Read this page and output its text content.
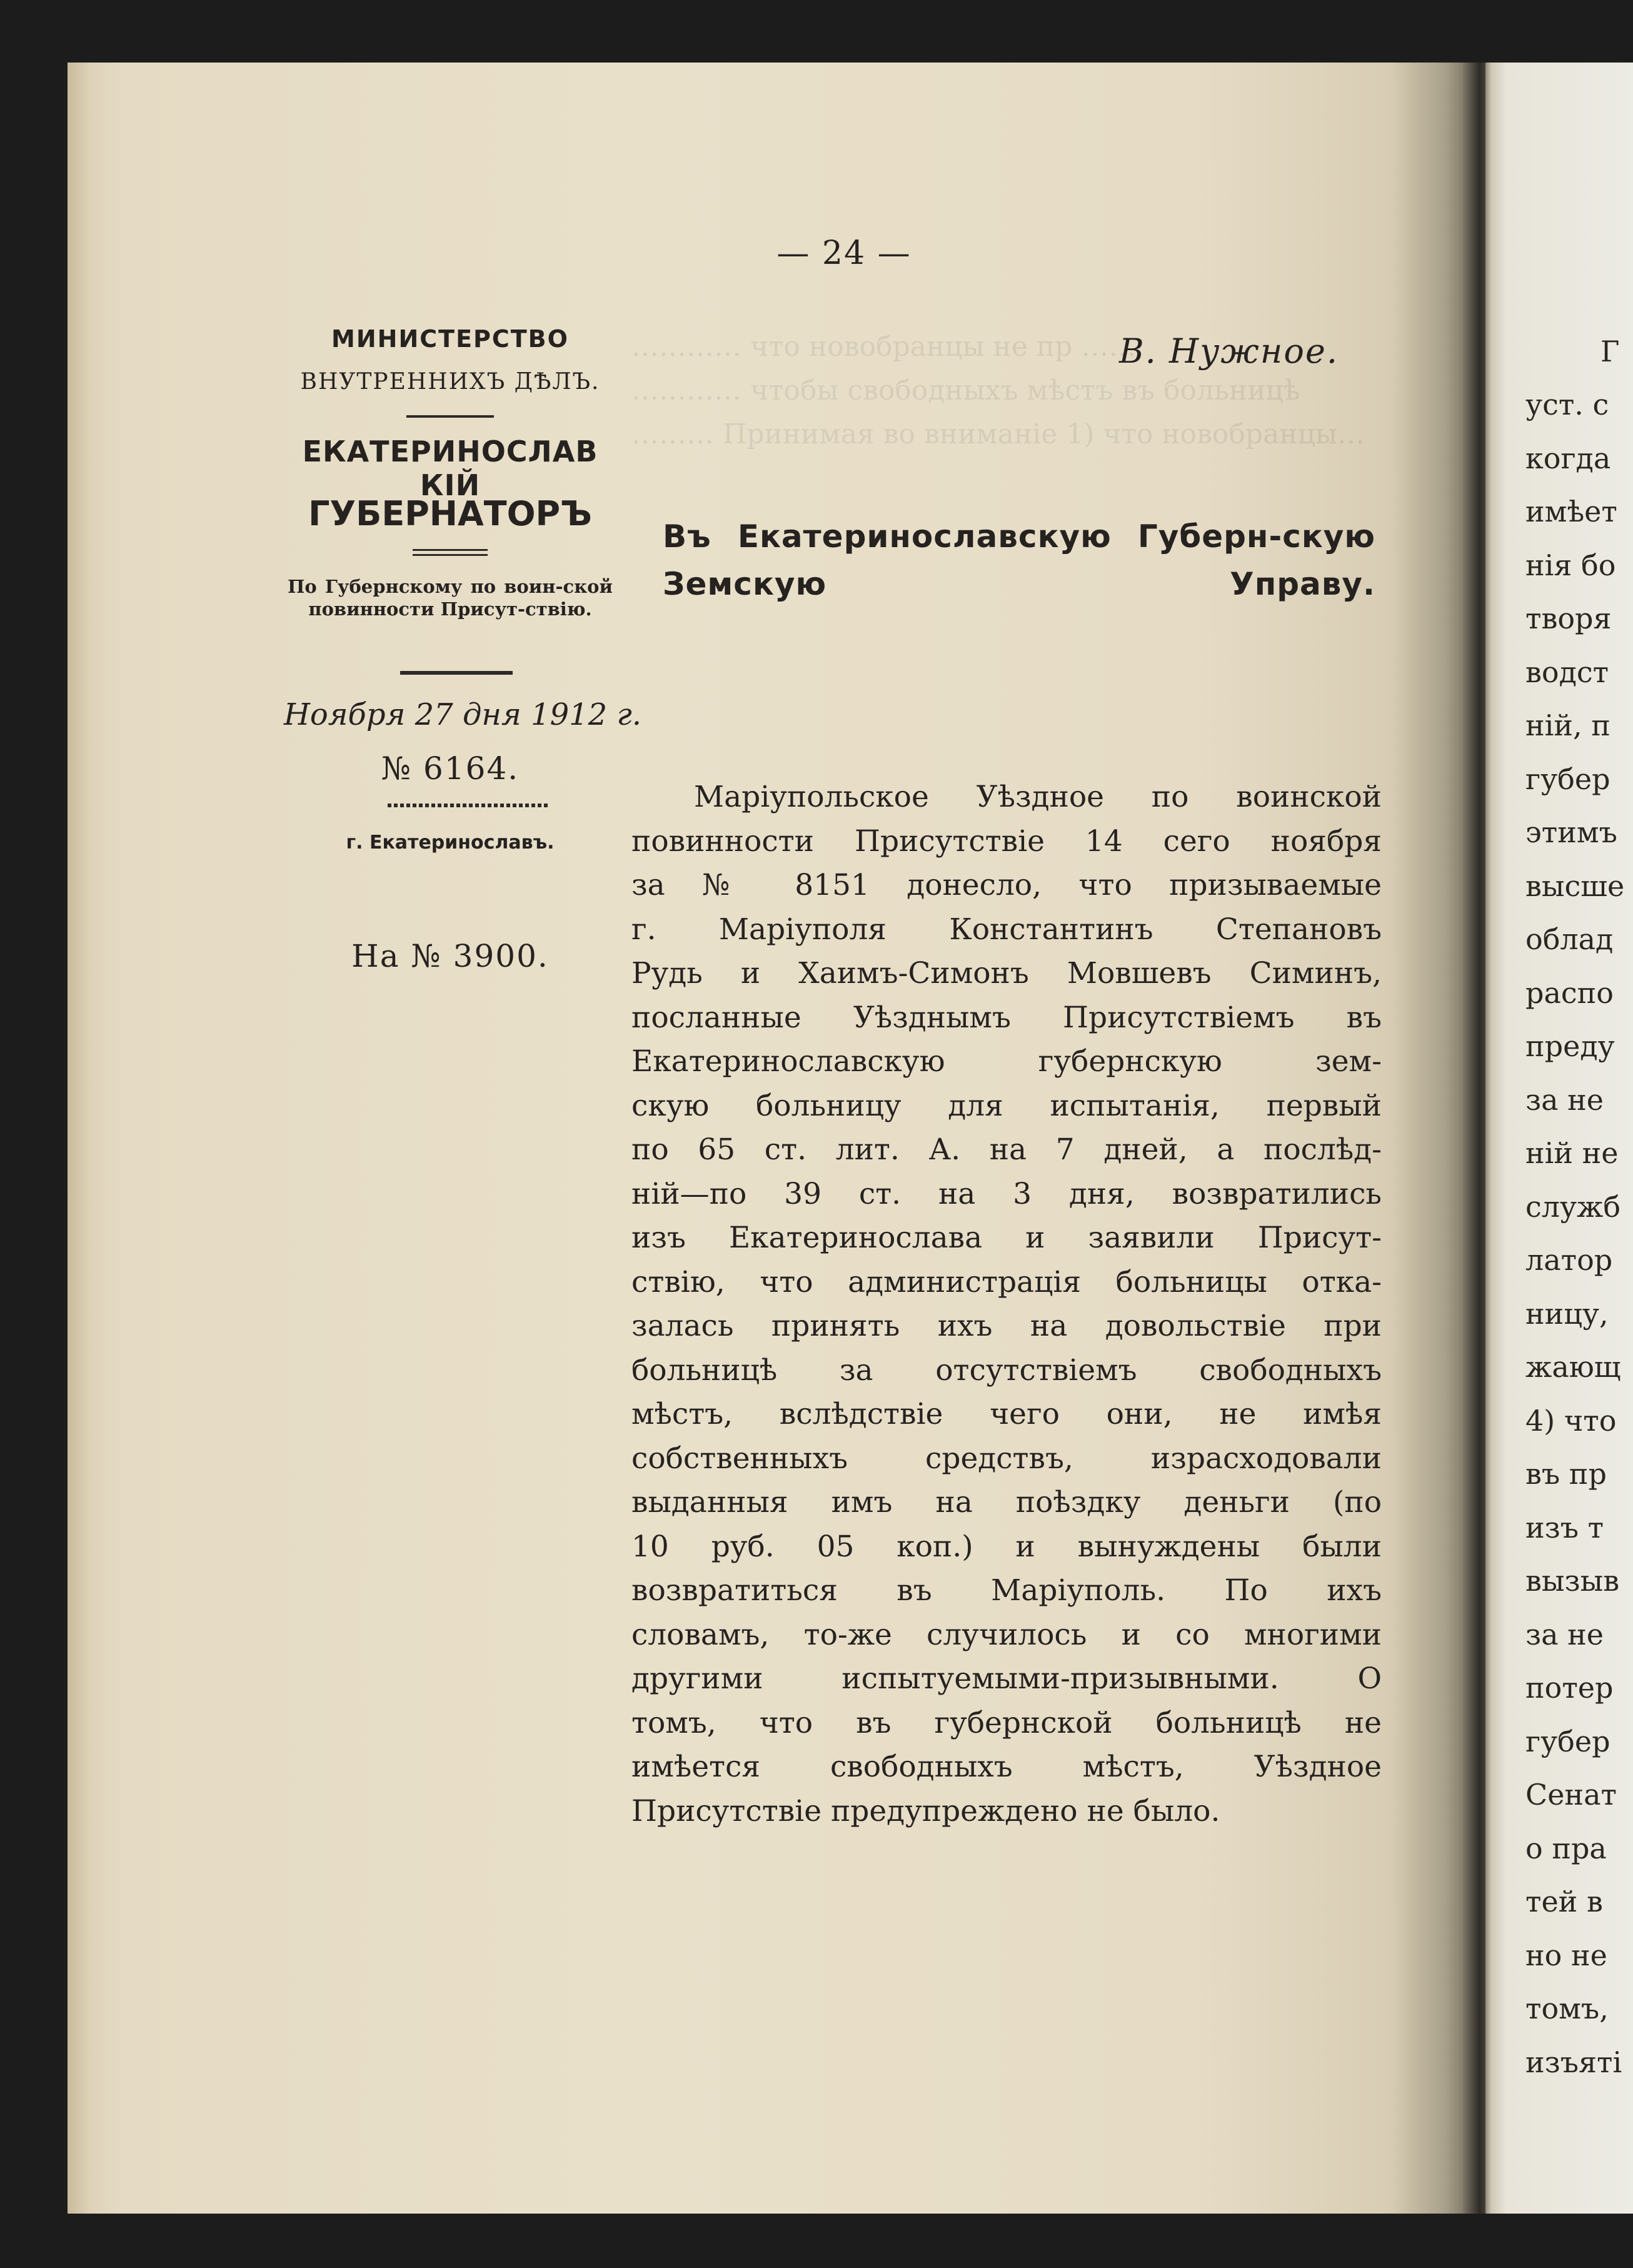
………… что новобранцы не пр ……
………… чтобы свободныхъ мѣстъ въ больницѣ
……… Принимая во вниманіе 1) что новобранцы…
— 24 —
МИНИСТЕРСТВО
ВНУТРЕННИХЪ ДѢЛЪ.
ЕКАТЕРИНОСЛАВ КІЙ
ГУБЕРНАТОРЪ
По Губернскому по воин-ской повинности Присут-ствію.
Ноября 27 дня 1912 г.
№ 6164.
г. Екатеринославъ.
На № 3900.
В. Нужное.
Въ Екатеринославскую Губерн-скую Земскую Управу.
Маріупольское Уѣздное по воинской
повинности Присутствіе 14 сего ноября
за № 8151 донесло, что призываемые
г. Маріуполя Константинъ Степановъ
Рудь и Хаимъ-Симонъ Мовшевъ Симинъ,
посланные Уѣзднымъ Присутствіемъ въ
Екатеринославскую губернскую зем-
скую больницу для испытанія, первый
по 65 ст. лит. А. на 7 дней, а послѣд-
ній—по 39 ст. на 3 дня, возвратились
изъ Екатеринослава и заявили Присут-
ствію, что администрація больницы отка-
залась принять ихъ на довольствіе при
больницѣ за отсутствіемъ свободныхъ
мѣстъ, вслѣдствіе чего они, не имѣя
собственныхъ средствъ, израсходовали
выданныя имъ на поѣздку деньги (по
10 руб. 05 коп.) и вынуждены были
возвратиться въ Маріуполь. По ихъ
словамъ, то-же случилось и со многими
другими испытуемыми-призывными. О
томъ, что въ губернской больницѣ не
имѣется свободныхъ мѣстъ, Уѣздное
Присутствіе предупреждено не было.
Г
уст. с
когда
имѣет
нія бо
творя
водст
ній, п
губер
этимъ
высше
облад
распо
преду
за не
ній не
служб
латор
ницу,
жающ
4) что
въ пр
изъ т
вызыв
за не
потер
губер
Сенат
о пра
тей в
но не
томъ,
изъяті
